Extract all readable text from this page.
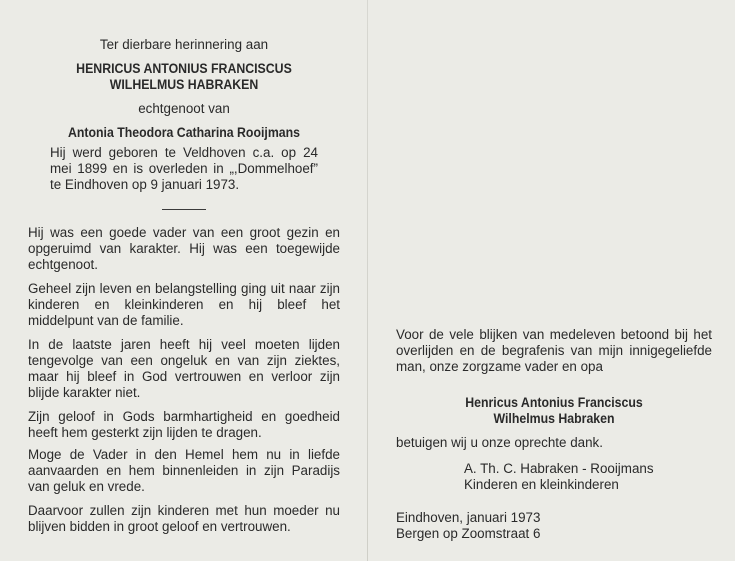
Ter dierbare herinnering aan
HENRICUS ANTONIUS FRANCISCUS
WILHELMUS HABRAKEN
echtgenoot van
Antonia Theodora Catharina Rooijmans
Hij werd geboren te Veldhoven c.a. op 24 mei 1899 en is overleden in „,Dommelhoef” te Eindhoven op 9 januari 1973.
Hij was een goede vader van een groot gezin en opgeruimd van karakter. Hij was een toegewijde echtgenoot.
Geheel zijn leven en belangstelling ging uit naar zijn kinderen en kleinkinderen en hij bleef het middelpunt van de familie.
In de laatste jaren heeft hij veel moeten lijden tengevolge van een ongeluk en van zijn ziektes, maar hij bleef in God vertrouwen en verloor zijn blijde karakter niet.
Zijn geloof in Gods barmhartigheid en goedheid heeft hem gesterkt zijn lijden te dragen.
Moge de Vader in den Hemel hem nu in liefde aanvaarden en hem binnenleiden in zijn Paradijs van geluk en vrede.
Daarvoor zullen zijn kinderen met hun moeder nu blijven bidden in groot geloof en vertrouwen.
Voor de vele blijken van medeleven betoond bij het overlijden en de begrafenis van mijn innigegeliefde man, onze zorgzame vader en opa
Henricus Antonius Franciscus
Wilhelmus Habraken
betuigen wij u onze oprechte dank.
A. Th. C. Habraken - Rooijmans
Kinderen en kleinkinderen
Eindhoven, januari 1973
Bergen op Zoomstraat 6
